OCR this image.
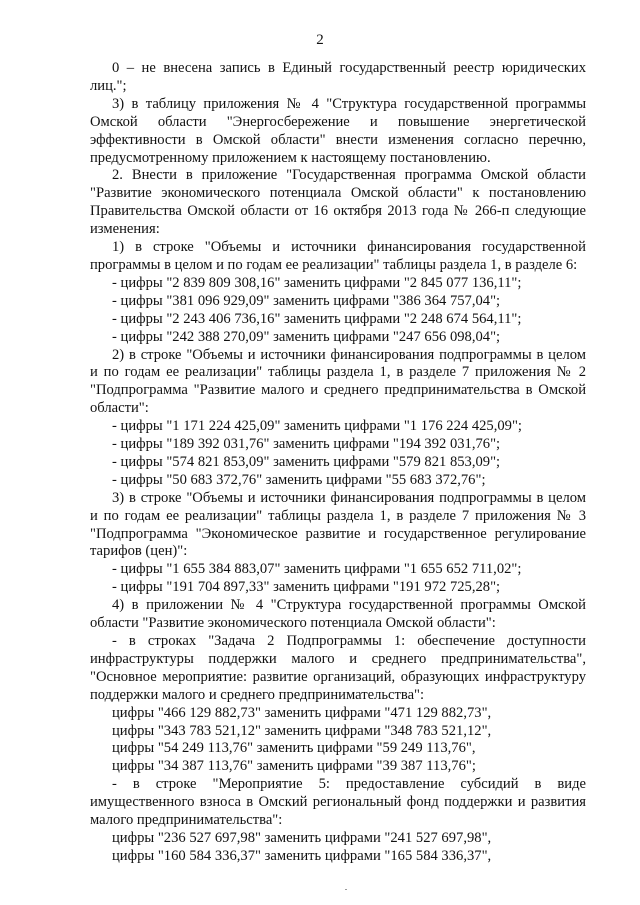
2

0 – не внесена запись в Единый государственный реестр юридических лиц.";

3) в таблицу приложения № 4 "Структура государственной программы Омской области "Энергосбережение и повышение энергетической эффективности в Омской области" внести изменения согласно перечню, предусмотренному приложением к настоящему постановлению.

2. Внести в приложение "Государственная программа Омской области "Развитие экономического потенциала Омской области" к постановлению Правительства Омской области от 16 октября 2013 года № 266-п следующие изменения:

1) в строке "Объемы и источники финансирования государственной программы в целом и по годам ее реализации" таблицы раздела 1, в разделе 6:

- цифры "2 839 809 308,16" заменить цифрами "2 845 077 136,11";

- цифры "381 096 929,09" заменить цифрами "386 364 757,04";

- цифры "2 243 406 736,16" заменить цифрами "2 248 674 564,11";

- цифры "242 388 270,09" заменить цифрами "247 656 098,04";

2) в строке "Объемы и источники финансирования подпрограммы в целом и по годам ее реализации" таблицы раздела 1, в разделе 7 приложения № 2 "Подпрограмма "Развитие малого и среднего предпринимательства в Омской области":

- цифры "1 171 224 425,09" заменить цифрами "1 176 224 425,09";

- цифры "189 392 031,76" заменить цифрами "194 392 031,76";

- цифры "574 821 853,09" заменить цифрами "579 821 853,09";

- цифры "50 683 372,76" заменить цифрами "55 683 372,76";

3) в строке "Объемы и источники финансирования подпрограммы в целом и по годам ее реализации" таблицы раздела 1, в разделе 7 приложения № 3 "Подпрограмма "Экономическое развитие и государственное регулирование тарифов (цен)":

- цифры "1 655 384 883,07" заменить цифрами "1 655 652 711,02";

- цифры "191 704 897,33" заменить цифрами "191 972 725,28";

4) в приложении № 4 "Структура государственной программы Омской области "Развитие экономического потенциала Омской области":

- в строках "Задача 2 Подпрограммы 1: обеспечение доступности инфраструктуры поддержки малого и среднего предпринимательства", "Основное мероприятие: развитие организаций, образующих инфраструктуру поддержки малого и среднего предпринимательства":

цифры "466 129 882,73" заменить цифрами "471 129 882,73",

цифры "343 783 521,12" заменить цифрами "348 783 521,12",

цифры "54 249 113,76" заменить цифрами "59 249 113,76",

цифры "34 387 113,76" заменить цифрами "39 387 113,76";

- в строке "Мероприятие 5: предоставление субсидий в виде имущественного взноса в Омский региональный фонд поддержки и развития малого предпринимательства":

цифры "236 527 697,98" заменить цифрами "241 527 697,98",

цифры "160 584 336,37" заменить цифрами "165 584 336,37",
